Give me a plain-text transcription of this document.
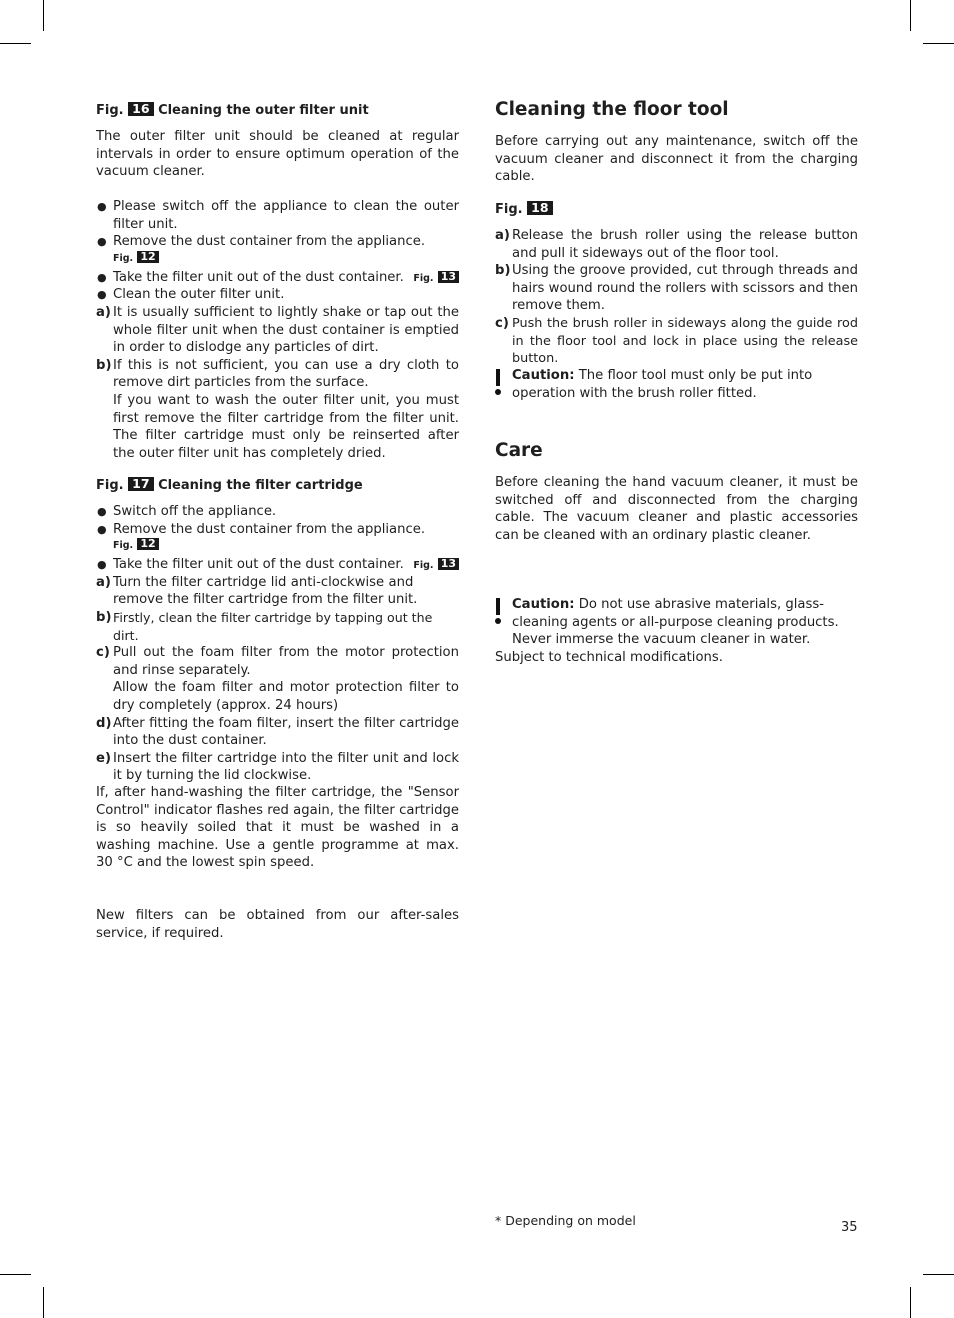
Fig. 16 Cleaning the outer filter unit

The outer filter unit should be cleaned at regular intervals in order to ensure optimum operation of the vacuum cleaner.

● Please switch off the appliance to clean the outer filter unit.

● Remove the dust container from the appliance.

Fig. 12
● Take the filter unit out of the dust container. Fig. 13

● Clean the outer filter unit.

a) It is usually sufficient to lightly shake or tap out the whole filter unit when the dust container is emptied in order to dislodge any particles of dirt.

b) If this is not sufficient, you can use a dry cloth to remove dirt particles from the surface.

If you want to wash the outer filter unit, you must first remove the filter cartridge from the filter unit. The filter cartridge must only be reinserted after the outer filter unit has completely dried.

Fig. 17 Cleaning the filter cartridge
● Switch off the appliance.

● Remove the dust container from the appliance.

Fig. 12
● Take the filter unit out of the dust container. Fig. 13

a) Turn the filter cartridge lid anti-clockwise and remove the filter cartridge from the filter unit.

b) Firstly, clean the filter cartridge by tapping out the dirt.

c) Pull out the foam filter from the motor protection and rinse separately.

Allow the foam filter and motor protection filter to dry completely (approx. 24 hours)

d) After fitting the foam filter, insert the filter cartridge into the dust container.

e) Insert the filter cartridge into the filter unit and lock it by turning the lid clockwise.

If, after hand-washing the filter cartridge, the "Sensor Control" indicator flashes red again, the filter cartridge is so heavily soiled that it must be washed in a washing machine. Use a gentle programme at max. 30 °C and the lowest spin speed.

New filters can be obtained from our after-sales service, if required.

Cleaning the floor tool

Before carrying out any maintenance, switch off the vacuum cleaner and disconnect it from the charging cable.

Fig. 18
a) Release the brush roller using the release button and pull it sideways out of the floor tool.

b) Using the groove provided, cut through threads and hairs wound round the rollers with scissors and then remove them.

c) Push the brush roller in sideways along the guide rod in the floor tool and lock in place using the release button.

Caution: The floor tool must only be put into operation with the brush roller fitted.

Care

Before cleaning the hand vacuum cleaner, it must be switched off and disconnected from the charging cable. The vacuum cleaner and plastic accessories can be cleaned with an ordinary plastic cleaner.

Caution: Do not use abrasive materials, glass-

cleaning agents or all-purpose cleaning products.

Never immerse the vacuum cleaner in water.

Subject to technical modifications.

* Depending on model	35
